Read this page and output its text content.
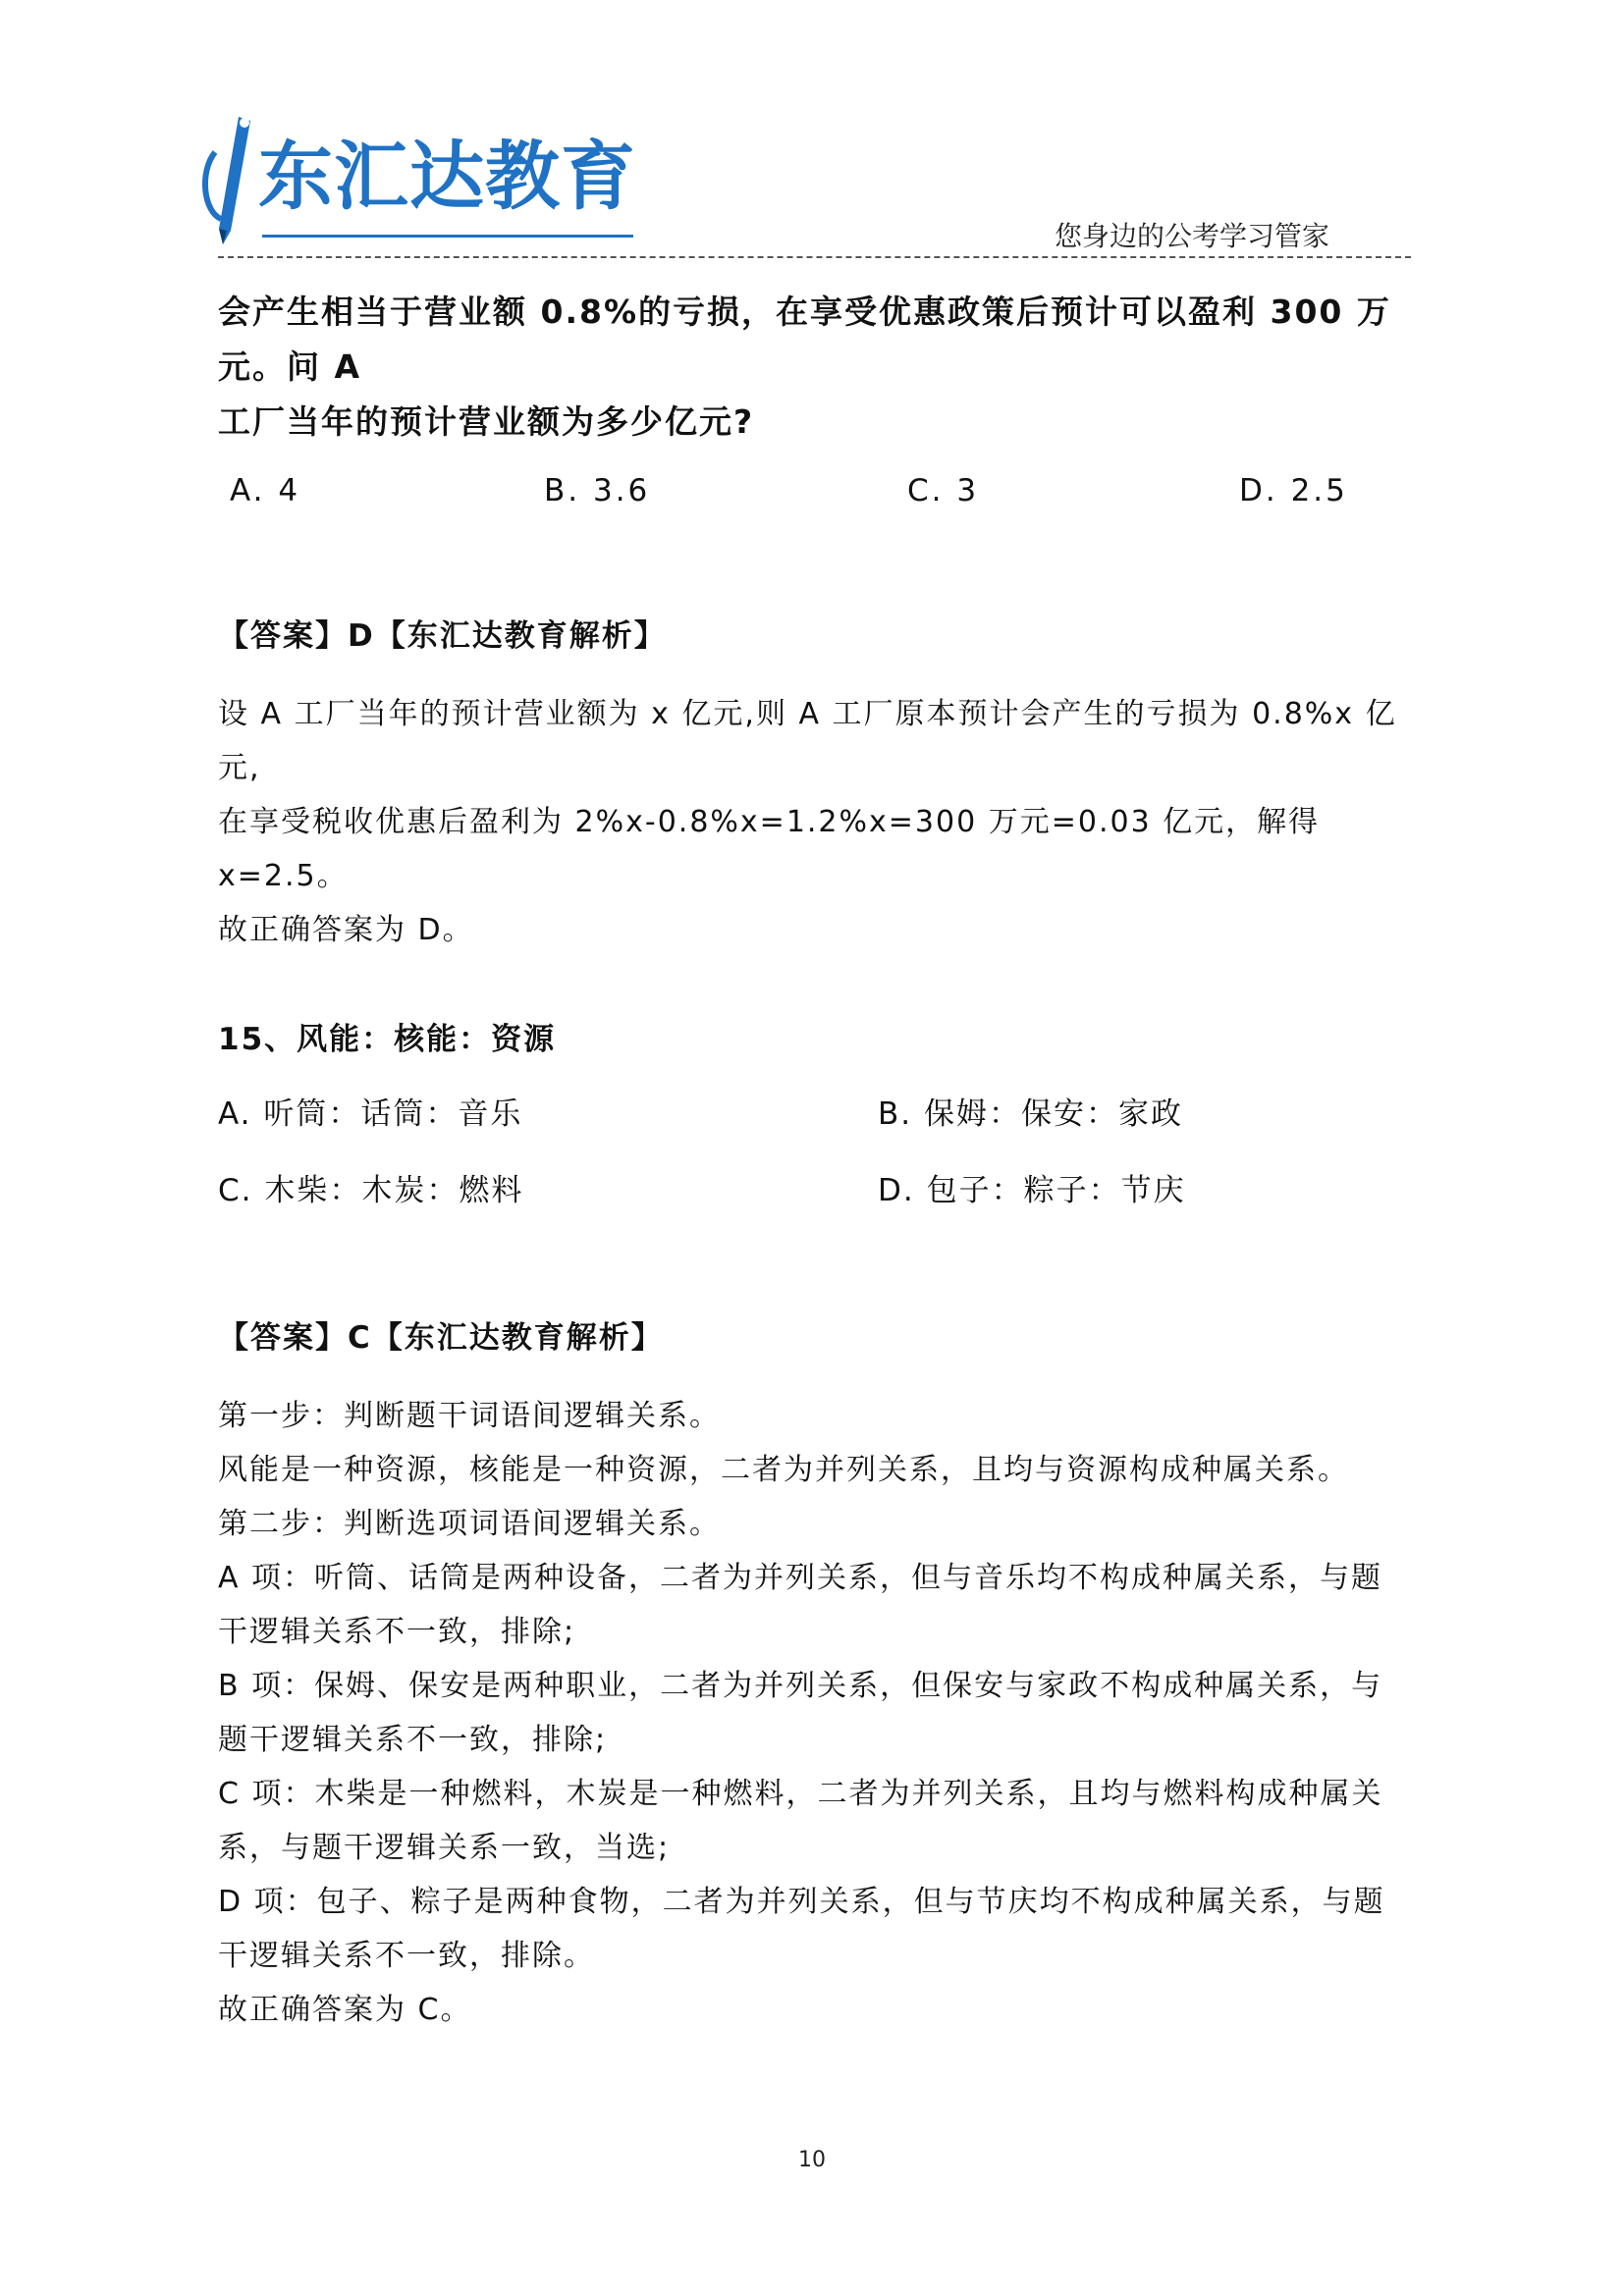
东汇达教育
您身边的公考学习管家

会产生相当于营业额 0.8%的亏损，在享受优惠政策后预计可以盈利 300 万元。问 A

工厂当年的预计营业额为多少亿元?

A. 4	B. 3.6	C. 3	D. 2.5

【答案】D【东汇达教育解析】

设 A 工厂当年的预计营业额为 x 亿元,则 A 工厂原本预计会产生的亏损为 0.8%x 亿元,

在享受税收优惠后盈利为 2%x-0.8%x=1.2%x=300 万元=0.03 亿元，解得 x=2.5。

故正确答案为 D。

15、风能：核能：资源

A. 听筒：话筒：音乐	B. 保姆：保安：家政
C. 木柴：木炭：燃料	D. 包子：粽子：节庆

【答案】C【东汇达教育解析】

第一步：判断题干词语间逻辑关系。

风能是一种资源，核能是一种资源，二者为并列关系，且均与资源构成种属关系。

第二步：判断选项词语间逻辑关系。

A 项：听筒、话筒是两种设备，二者为并列关系，但与音乐均不构成种属关系，与题

干逻辑关系不一致，排除;

B 项：保姆、保安是两种职业，二者为并列关系，但保安与家政不构成种属关系，与

题干逻辑关系不一致，排除;

C 项：木柴是一种燃料，木炭是一种燃料，二者为并列关系，且均与燃料构成种属关

系，与题干逻辑关系一致，当选;

D 项：包子、粽子是两种食物，二者为并列关系，但与节庆均不构成种属关系，与题

干逻辑关系不一致，排除。

故正确答案为 C。

10
